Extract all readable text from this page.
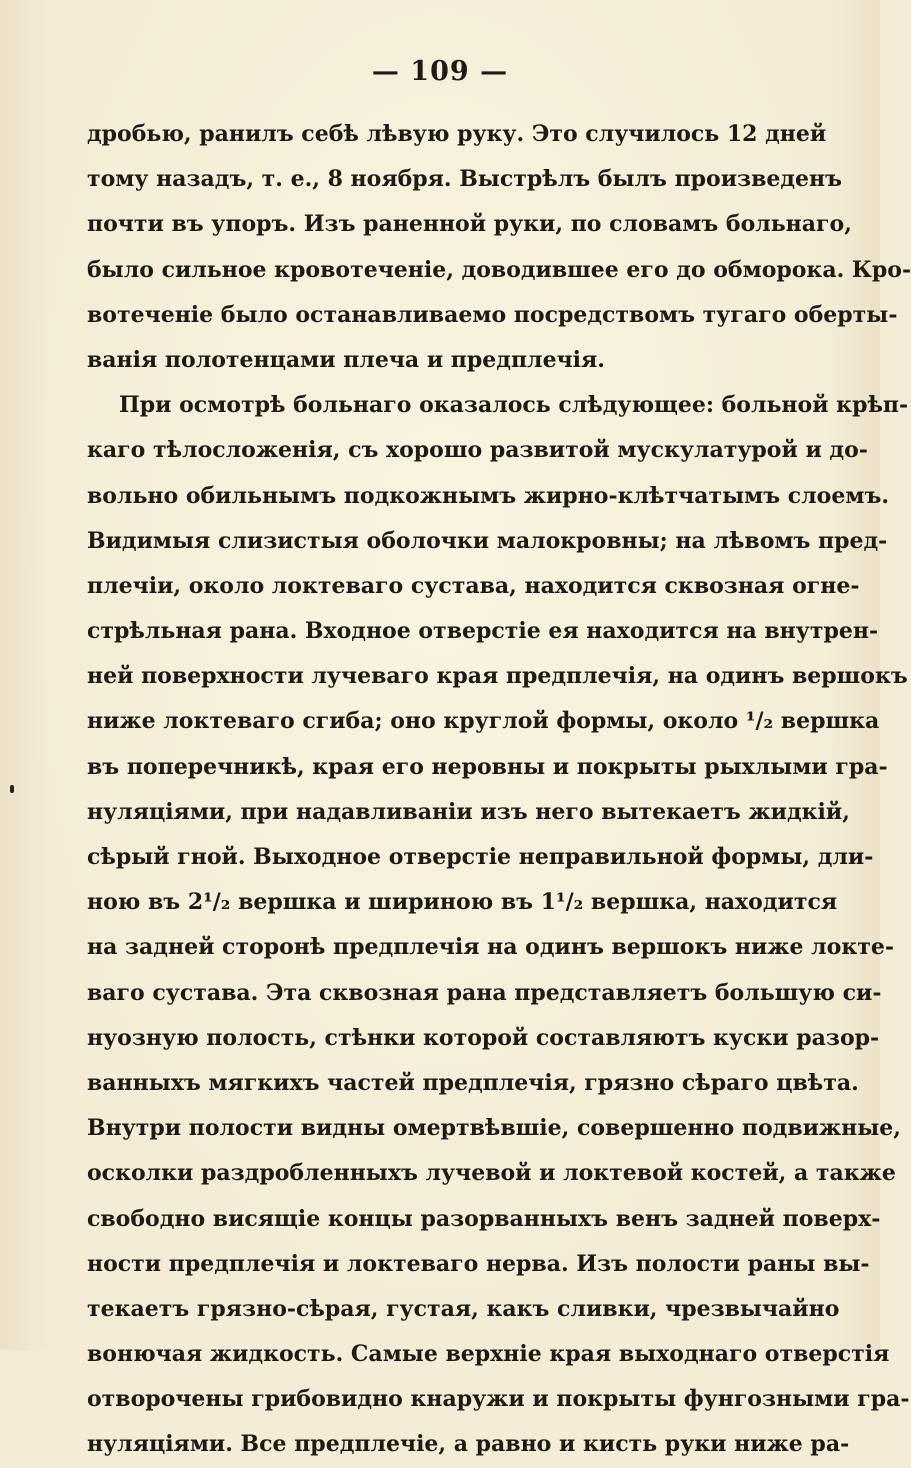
— 109 —
дробью, ранилъ себѣ лѣвую руку. Это случилось 12 дней
тому назадъ, т. е., 8 ноября. Выстрѣлъ былъ произведенъ
почти въ упоръ. Изъ раненной руки, по словамъ больнаго,
было сильное кровотеченіе, доводившее его до обморока. Кро-
вотеченіе было останавливаемо посредствомъ тугаго оберты-
ванія полотенцами плеча и предплечія.
При осмотрѣ больнаго оказалось слѣдующее: больной крѣп-
каго тѣлосложенія, съ хорошо развитой мускулатурой и до-
вольно обильнымъ подкожнымъ жирно-клѣтчатымъ слоемъ.
Видимыя слизистыя оболочки малокровны; на лѣвомъ пред-
плечіи, около локтеваго сустава, находится сквозная огне-
стрѣльная рана. Входное отверстіе ея находится на внутрен-
ней поверхности лучеваго края предплечія, на одинъ вершокъ
ниже локтеваго сгиба; оно круглой формы, около ¹/₂ вершка
въ поперечникѣ, края его неровны и покрыты рыхлыми гра-
нуляціями, при надавливаніи изъ него вытекаетъ жидкій,
сѣрый гной. Выходное отверстіе неправильной формы, дли-
ною въ 2¹/₂ вершка и шириною въ 1¹/₂ вершка, находится
на задней сторонѣ предплечія на одинъ вершокъ ниже локте-
ваго сустава. Эта сквозная рана представляетъ большую си-
нуозную полость, стѣнки которой составляютъ куски разор-
ванныхъ мягкихъ частей предплечія, грязно сѣраго цвѣта.
Внутри полости видны омертвѣвшіе, совершенно подвижные,
осколки раздробленныхъ лучевой и локтевой костей, а также
свободно висящіе концы разорванныхъ венъ задней поверх-
ности предплечія и локтеваго нерва. Изъ полости раны вы-
текаетъ грязно-сѣрая, густая, какъ сливки, чрезвычайно
вонючая жидкость. Самые верхніе края выходнаго отверстія
отворочены грибовидно кнаружи и покрыты фунгозными гра-
нуляціями. Все предплечіе, а равно и кисть руки ниже ра-
